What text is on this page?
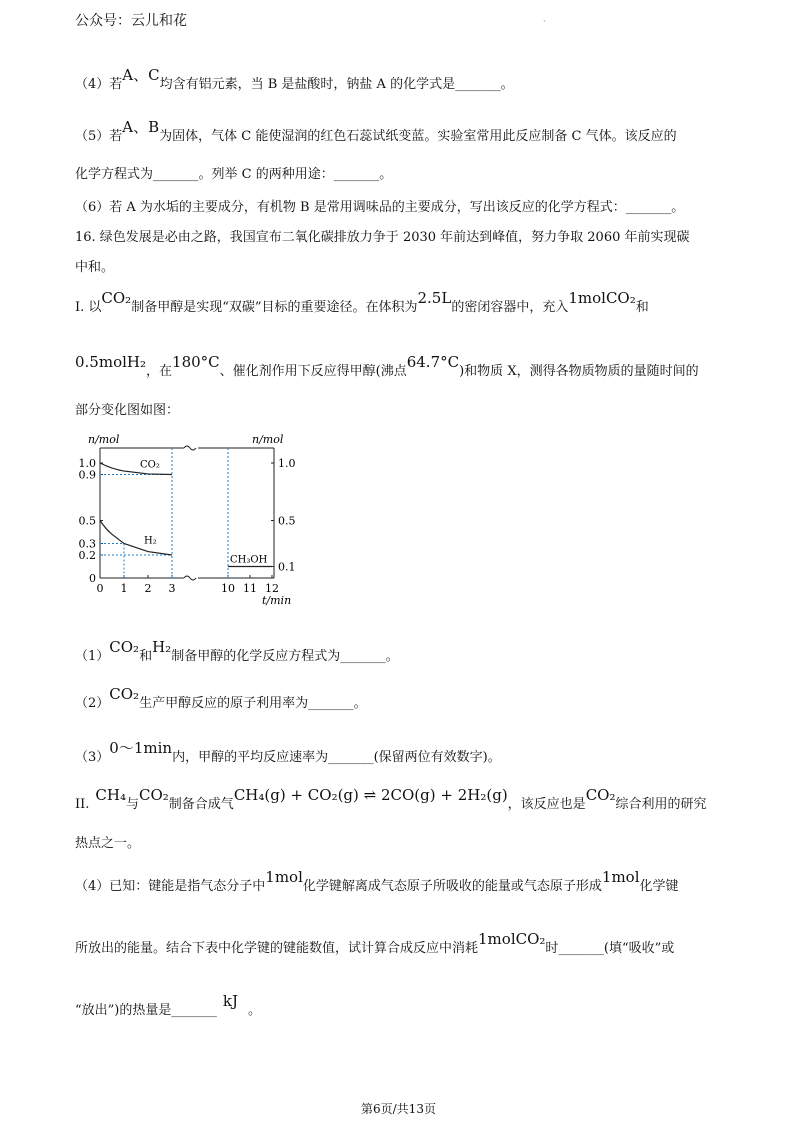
公众号：云儿和花	·
（4）若
A、C
均含有铝元素，当 B 是盐酸时，钠盐 A 的化学式是_______。
（5）若
A、B
为固体，气体 C 能使湿润的红色石蕊试纸变蓝。实验室常用此反应制备 C 气体。该反应的
化学方程式为_______。列举 C 的两种用途：_______。
（6）若 A 为水垢的主要成分，有机物 B 是常用调味品的主要成分，写出该反应的化学方程式：_______。
16. 绿色发展是必由之路，我国宣布二氧化碳排放力争于 2030 年前达到峰值，努力争取 2060 年前实现碳
中和。
I. 以
CO₂
制备甲醇是实现“双碳”目标的重要途径。在体积为
2.5L
的密闭容器中，充入
1molCO₂
和
0.5molH₂
，在
180°C
、催化剂作用下反应得甲醇(沸点
64.7°C
)和物质 X，测得各物质物质的量随时间的
部分变化图如图：
n/mol	n/mol
t/min
1.0
0.9
0.5
0.3
0.2
0
1.0
0.5
0.1
0 1 2 3	10 11 12
CO₂
H₂
CH₃OH
（1）
CO₂
和
H₂
制备甲醇的化学反应方程式为_______。
（2）
CO₂
生产甲醇反应的原子利用率为_______。
（3）
0～1min
内，甲醇的平均反应速率为_______(保留两位有效数字)。
II.
CH₄
与
CO₂
制备合成气
CH₄(g) + CO₂(g) ⇌ 2CO(g) + 2H₂(g)
，该反应也是
CO₂
综合利用的研究
热点之一。
（4）已知：键能是指气态分子中
1mol
化学键解离成气态原子所吸收的能量或气态原子形成
1mol
化学键
所放出的能量。结合下表中化学键的键能数值，试计算合成反应中消耗
1molCO₂
时_______(填“吸收”或
“放出”)的热量是_______
kJ
。
第6页/共13页
